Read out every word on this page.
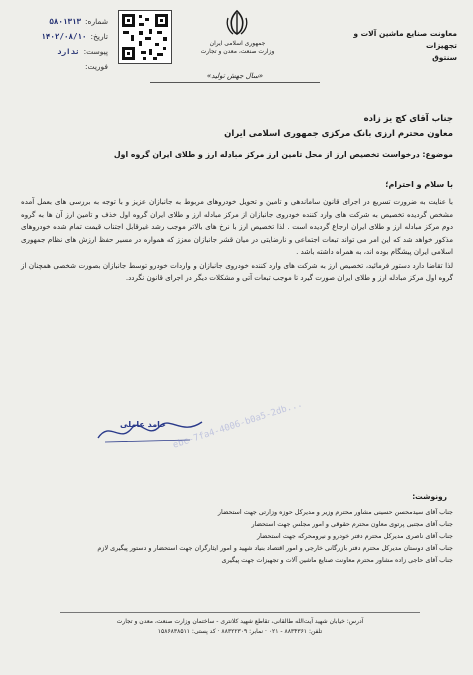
معاونت صنایع ماشین آلات و تجهیزات
سنتوق
جمهوری اسلامی ایران
وزارت صنعت، معدن و تجارت
شماره:۵۸۰۱۳۱۳
تاریخ:۱۴۰۲/۰۸/۱۰
پیوست:ندارد
فوریت:
«سال جهش تولید»
جناب آقای کچ یز زاده
معاون محترم ارزی بانک مرکزی جمهوری اسلامی ایران
موضوع: درخواست تخصیص ارز از محل تامین ارز مرکز مبادله ارز و طلای ایران گروه اول
با سلام و احترام؛

با عنایت به ضرورت تسریع در اجرای قانون ساماندهی و تامین و تحویل خودروهای مربوط به جانبازان عزیز و با توجه به بررسی های بعمل آمده مشخص گردیده تخصیص به شرکت های وارد کننده خودروی جانبازان از مرکز مبادله ارز و طلای ایران گروه اول خذف و تامین ارز آن ها به گروه دوم مرکز مبادله ارز و طلای ایران ارجاع گردیده است . لذا تخصیص ارز با نرخ های بالاتر موجب رشد غیرقابل اجتناب قیمت تمام شده خودروهای مذکور خواهد شد که این امر می تواند تبعات اجتماعی و نارضایتی در میان قشر جانبازان معزز که همواره در مسیر حفظ ارزش های نظام جمهوری اسلامی ایران پیشگام بوده اند، به همراه داشته باشد .

لذا تقاضا دارد دستور فرمائید، تخصیص ارز به شرکت های وارد کننده خودروی جانبازان و واردات خودرو توسط جانبازان بصورت شخصی همچنان از گروه اول مرکز مبادله ارز و طلای ایران صورت گیرد تا موجب تبعات آتی و مشکلات دیگر در اجرای قانون نگردد.

حامد عاملی ebc-7fa4-4006-b0a5-2db...
رونوشت:
جناب آقای سیدمحسن حسینی مشاور محترم وزیر و مدیرکل حوزه وزارتی جهت استحضار
جناب آقای مجتبی پرتوی معاون محترم حقوقی و امور مجلس جهت استحضار
جناب آقای ناصری مدیرکل محترم دفتر خودرو و نیرومحرکه جهت استحضار
جناب آقای دوستان مدیرکل محترم دفتر بازرگانی خارجی و امور اقتصاد بنیاد شهید و امور ایثارگران جهت استحضار و دستور پیگیری لازم
جناب آقای حاجی زاده مشاور محترم معاونت صنایع ماشین آلات و تجهیزات جهت پیگیری
آدرس: خیابان شهید آیت‌الله طالقانی، تقاطع شهید کلانتری - ساختمان وزارت صنعت، معدن و تجارت
تلفن: ۸۸۳۴۳۶۱ - ۰۲۱ · نمابر: ۸۸۳۲۲۳۰۹ · کد پستی: ۱۵۸۶۸۳۸۵۱۱
